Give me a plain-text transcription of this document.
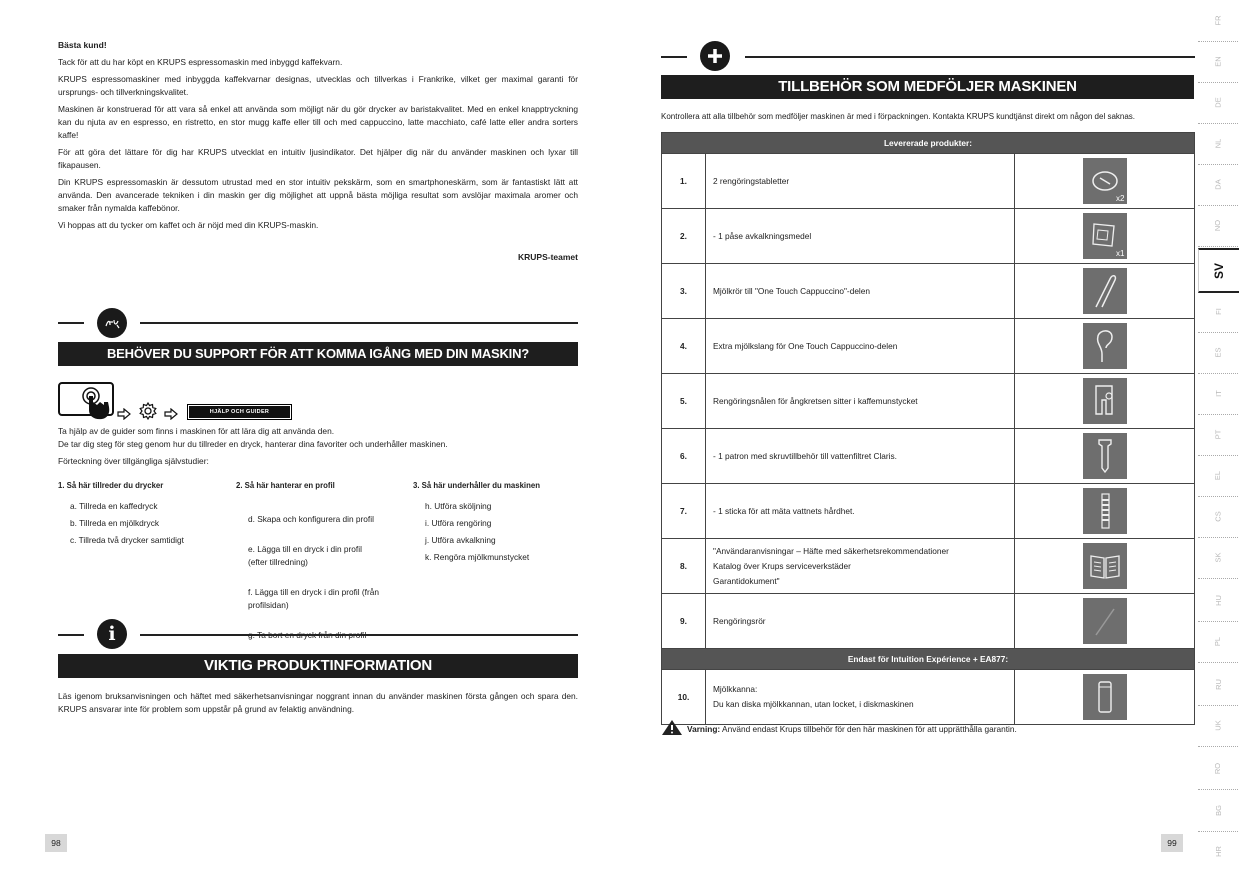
Bästa kund!

Tack för att du har köpt en KRUPS espressomaskin med inbyggd kaffekvarn.

KRUPS espressomaskiner med inbyggda kaffekvarnar designas, utvecklas och tillverkas i Frankrike, vilket ger maximal garanti för ursprungs- och tillverkningskvalitet.

Maskinen är konstruerad för att vara så enkel att använda som möjligt när du gör drycker av baristakvalitet. Med en enkel knapptryckning kan du njuta av en espresso, en ristretto, en stor mugg kaffe eller till och med cappuccino, latte macchiato, café latte eller andra sorters kaffe!

För att göra det lättare för dig har KRUPS utvecklat en intuitiv ljusindikator. Det hjälper dig när du använder maskinen och lyxar till fikapausen.

Din KRUPS espressomaskin är dessutom utrustad med en stor intuitiv pekskärm, som en smartphoneskärm, som är fantastiskt lätt att använda. Den avancerade tekniken i din maskin ger dig möjlighet att uppnå bästa möjliga resultat som avslöjar maximala aromer och smaker från nymalda kaffebönor.

Vi hoppas att du tycker om kaffet och är nöjd med din KRUPS-maskin.

KRUPS-teamet
BEHÖVER DU SUPPORT FÖR ATT KOMMA IGÅNG MED DIN MASKIN?
HJÄLP OCH GUIDER

Ta hjälp av de guider som finns i maskinen för att lära dig att använda den.
De tar dig steg för steg genom hur du tillreder en dryck, hanterar dina favoriter och underhåller maskinen.

Förteckning över tillgängliga självstudier:

1. Så här tillreder du drycker
a. Tillreda en kaffedryck
b. Tillreda en mjölkdryck
c. Tillreda två drycker samtidigt
2. Så här hanterar en profil

d. Skapa och konfigurera din profil

e. Lägga till en dryck i din profil
(efter tillredning)

f. Lägga till en dryck i din profil (från
profilsidan)

3. Så här underhåller du maskinen
h. Utföra sköljning
i. Utföra rengöring
j. Utföra avkalkning
k. Rengöra mjölkmunstycket
i
VIKTIG PRODUKTINFORMATION
Läs igenom bruksanvisningen och häftet med säkerhetsanvisningar noggrant innan du använder maskinen första gången och spara den. KRUPS ansvarar inte för problem som uppstår på grund av felaktig användning.
98
TILLBEHÖR SOM MEDFÖLJER MASKINEN
Kontrollera att alla tillbehör som medföljer maskinen är med i förpackningen. Kontakta KRUPS kundtjänst direkt om någon del saknas.
Levererade produkter:		
1.	2 rengöringstabletter	x2

2.	- 1 påse avkalkningsmedel	x1

3.	Mjölkrör till "One Touch Cappuccino"-delen	

4.	Extra mjölkslang för One Touch Cappuccino-delen	

5.	Rengöringsnålen för ångkretsen sitter i kaffemunstycket	

6.	- 1 patron med skruvtillbehör till vattenfiltret Claris.	

7.	- 1 sticka för att mäta vattnets hårdhet.	

8.	"Användaranvisningar – Häfte med säkerhetsrekommendationer
Katalog över Krups serviceverkstäder
Garantidokument"	

9.	Rengöringsrör	

Endast för Intuition Expérience + EA877:		
10.	Mjölkkanna:
Du kan diska mjölkkannan, utan locket, i diskmaskinen	
Varning: Använd endast Krups tillbehör för den här maskinen för att upprätthålla garantin.
99
FR
EN
DE
NL
DA
NO
SV
FI
ES
IT
PT
EL
CS
SK
HU
PL
RU
UK
RO
BG
HR
